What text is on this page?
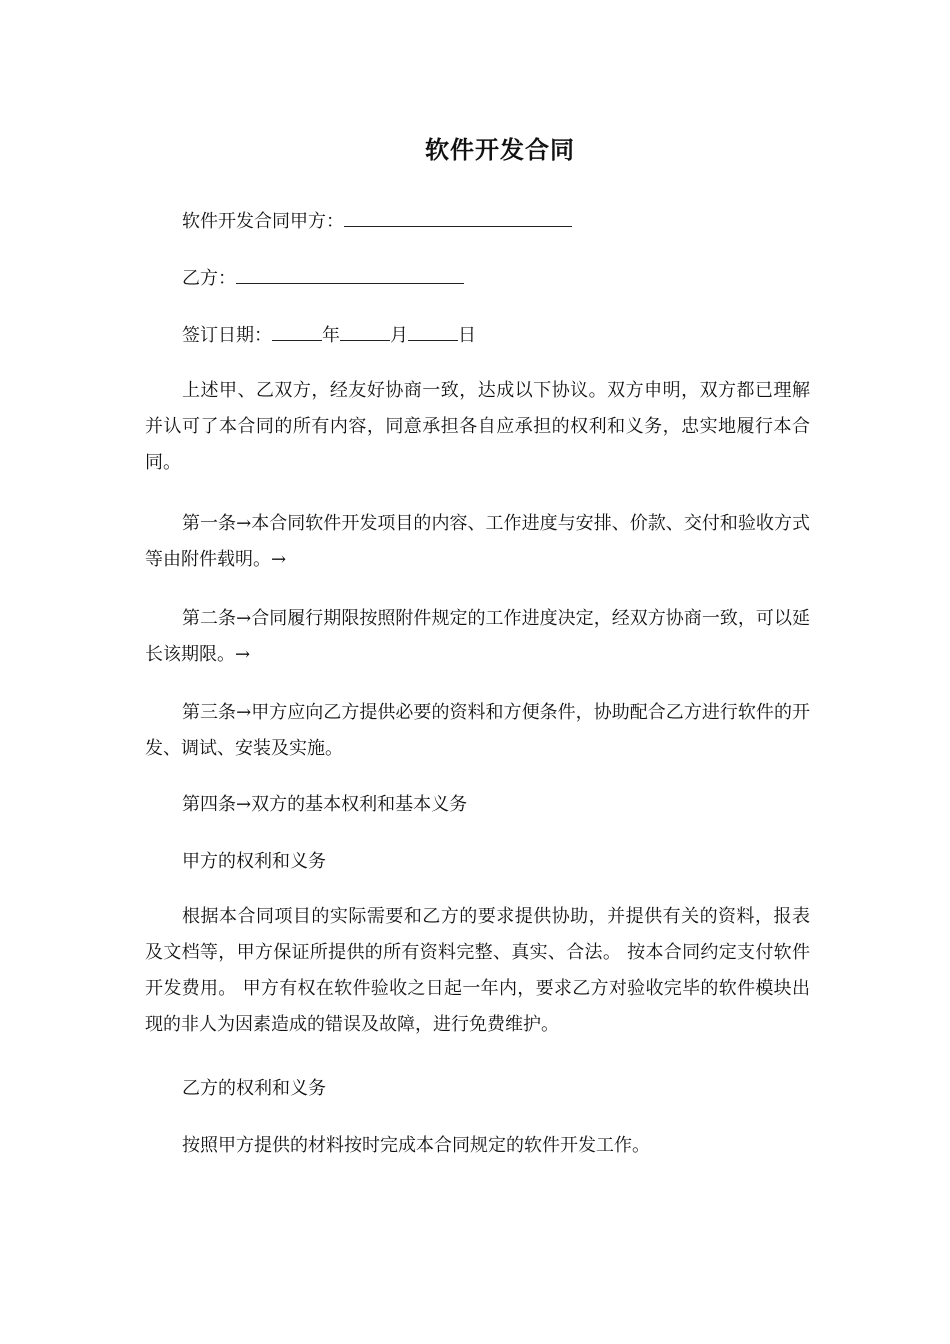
软件开发合同
软件开发合同甲方：
乙方：
签订日期：	年	月	日
上述甲、乙双方，经友好协商一致，达成以下协议。双方申明，双方都已理解并认可了本合同的所有内容，同意承担各自应承担的权利和义务，忠实地履行本合同。
第一条→本合同软件开发项目的内容、工作进度与安排、价款、交付和验收方式等由附件载明。→
第二条→合同履行期限按照附件规定的工作进度决定，经双方协商一致，可以延长该期限。→
第三条→甲方应向乙方提供必要的资料和方便条件，协助配合乙方进行软件的开发、调试、安装及实施。
第四条→双方的基本权利和基本义务
甲方的权利和义务
根据本合同项目的实际需要和乙方的要求提供协助，并提供有关的资料，报表及文档等，甲方保证所提供的所有资料完整、真实、合法。 按本合同约定支付软件开发费用。 甲方有权在软件验收之日起一年内，要求乙方对验收完毕的软件模块出现的非人为因素造成的错误及故障，进行免费维护。
乙方的权利和义务
按照甲方提供的材料按时完成本合同规定的软件开发工作。
